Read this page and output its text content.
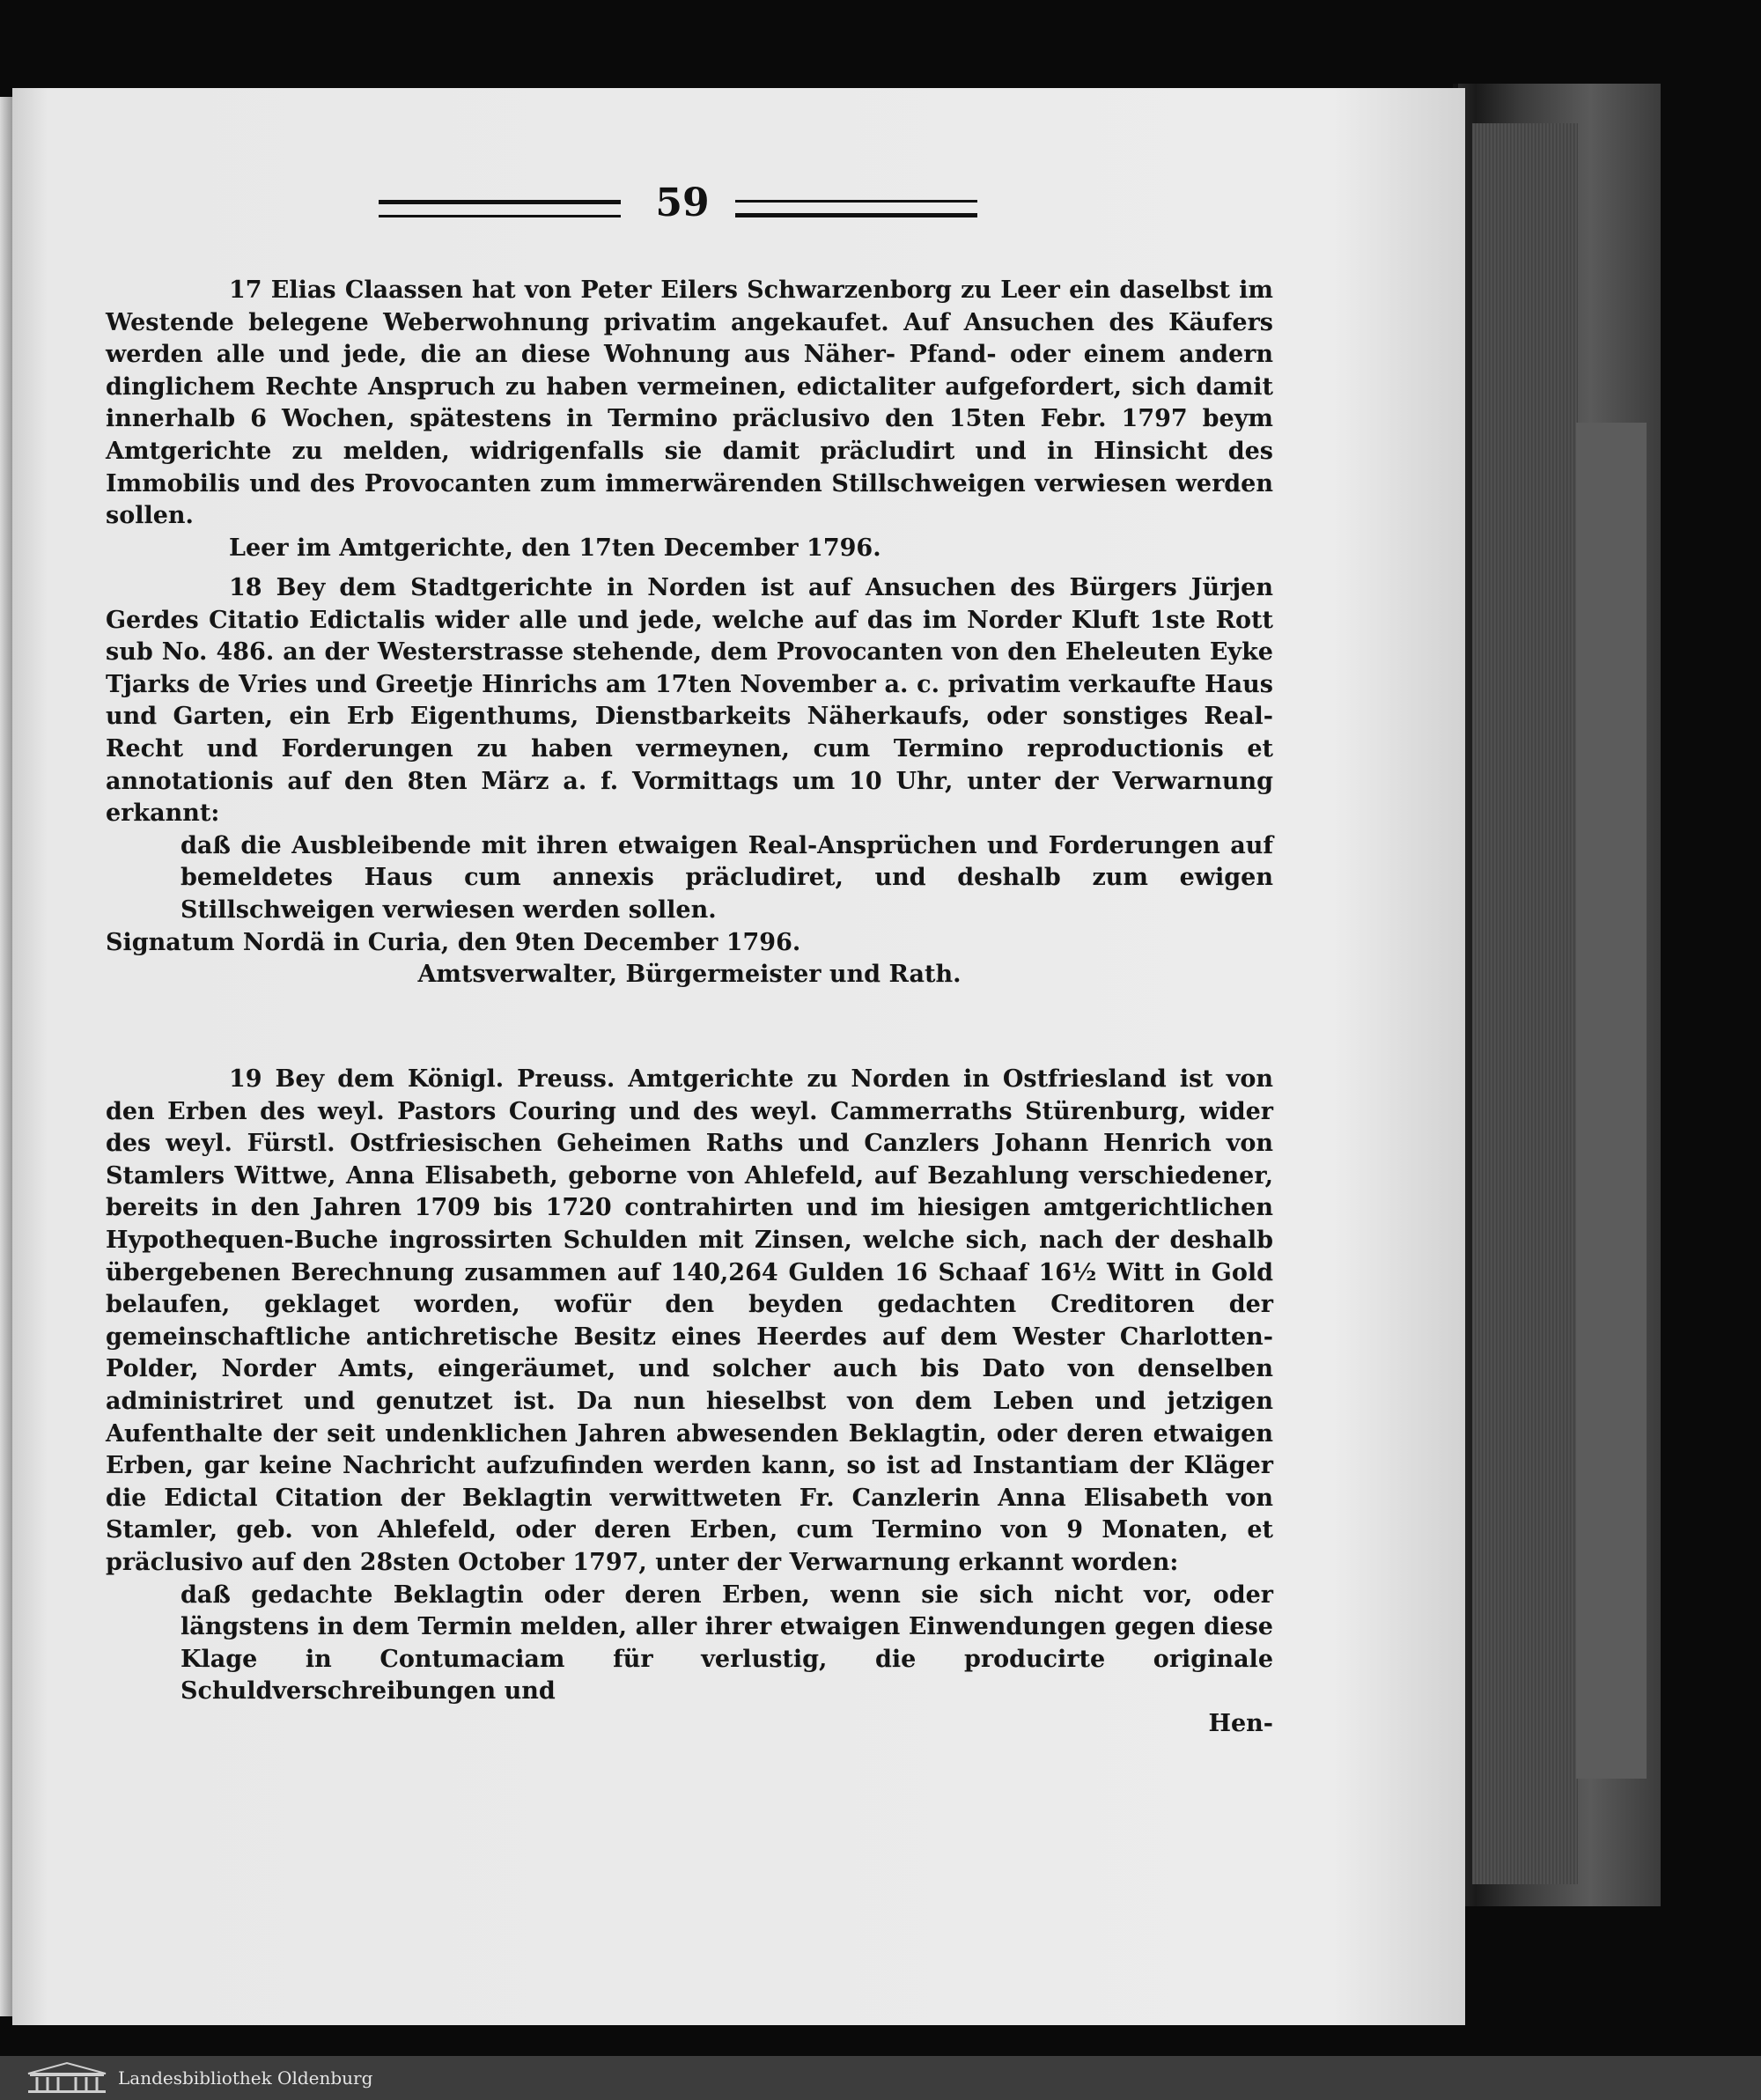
59

17 Elias Claassen hat von Peter Eilers Schwarzenborg zu Leer ein daselbst im Westende belegene Weberwohnung privatim angekaufet. Auf Ansuchen des Käufers werden alle und jede, die an diese Wohnung aus Näher- Pfand- oder einem andern dinglichem Rechte Anspruch zu haben vermeinen, edictaliter aufgefordert, sich damit innerhalb 6 Wochen, spätestens in Termino präclusivo den 15ten Febr. 1797 beym Amtgerichte zu melden, widrigenfalls sie damit präcludirt und in Hinsicht des Immobilis und des Provocanten zum immerwärenden Stillschweigen verwiesen werden sollen.

Leer im Amtgerichte, den 17ten December 1796.

18 Bey dem Stadtgerichte in Norden ist auf Ansuchen des Bürgers Jürjen Gerdes Citatio Edictalis wider alle und jede, welche auf das im Norder Kluft 1ste Rott sub No. 486. an der Westerstrasse stehende, dem Provocanten von den Eheleuten Eyke Tjarks de Vries und Greetje Hinrichs am 17ten November a. c. privatim verkaufte Haus und Garten, ein Erb Eigenthums, Dienstbarkeits Näherkaufs, oder sonstiges Real-Recht und Forderungen zu haben vermeynen, cum Termino reproductionis et annotationis auf den 8ten März a. f. Vormittags um 10 Uhr, unter der Verwarnung erkannt:

daß die Ausbleibende mit ihren etwaigen Real-Ansprüchen und Forderungen auf bemeldetes Haus cum annexis präcludiret, und deshalb zum ewigen Stillschweigen verwiesen werden sollen.

Signatum Nordä in Curia, den 9ten December 1796.

Amtsverwalter, Bürgermeister und Rath.

19 Bey dem Königl. Preuss. Amtgerichte zu Norden in Ostfriesland ist von den Erben des weyl. Pastors Couring und des weyl. Cammerraths Stürenburg, wider des weyl. Fürstl. Ostfriesischen Geheimen Raths und Canzlers Johann Henrich von Stamlers Wittwe, Anna Elisabeth, geborne von Ahlefeld, auf Bezahlung verschiedener, bereits in den Jahren 1709 bis 1720 contrahirten und im hiesigen amtgerichtlichen Hypothequen-Buche ingrossirten Schulden mit Zinsen, welche sich, nach der deshalb übergebenen Berechnung zusammen auf 140,264 Gulden 16 Schaaf 16½ Witt in Gold belaufen, geklaget worden, wofür den beyden gedachten Creditoren der gemeinschaftliche antichretische Besitz eines Heerdes auf dem Wester Charlotten-Polder, Norder Amts, eingeräumet, und solcher auch bis Dato von denselben administriret und genutzet ist. Da nun hieselbst von dem Leben und jetzigen Aufenthalte der seit undenklichen Jahren abwesenden Beklagtin, oder deren etwaigen Erben, gar keine Nachricht aufzufinden werden kann, so ist ad Instantiam der Kläger die Edictal Citation der Beklagtin verwittweten Fr. Canzlerin Anna Elisabeth von Stamler, geb. von Ahlefeld, oder deren Erben, cum Termino von 9 Monaten, et präclusivo auf den 28sten October 1797, unter der Verwarnung erkannt worden:

daß gedachte Beklagtin oder deren Erben, wenn sie sich nicht vor, oder längstens in dem Termin melden, aller ihrer etwaigen Einwendungen gegen diese Klage in Contumaciam für verlustig, die producirte originale Schuldverschreibungen und

Hen-

Landesbibliothek Oldenburg
